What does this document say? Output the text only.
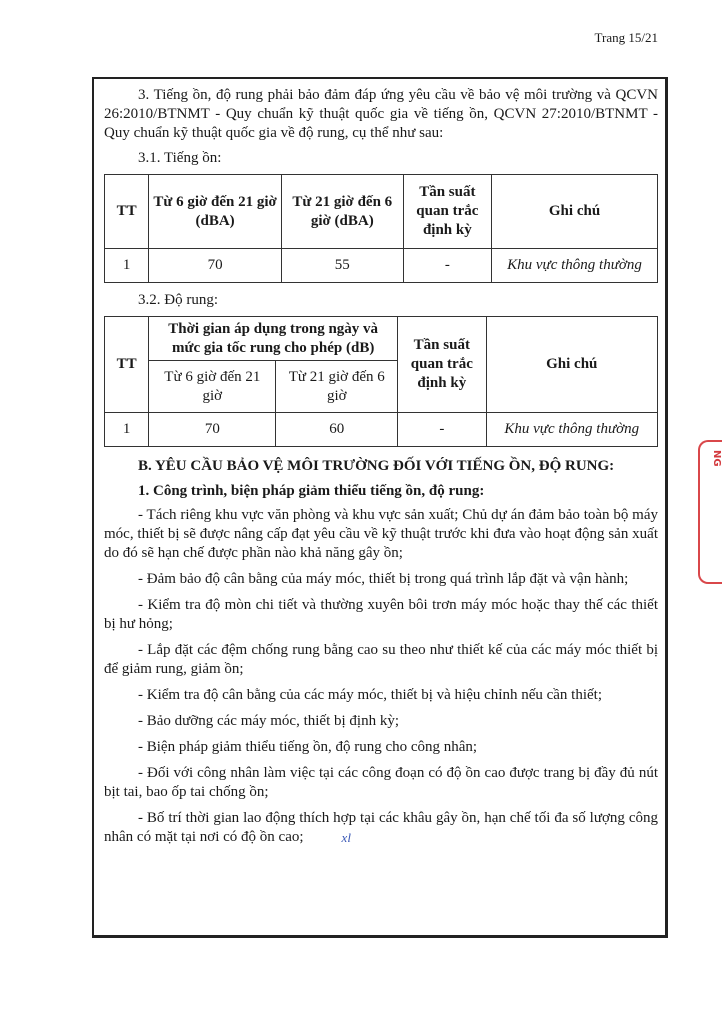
Trang 15/21

3. Tiếng ồn, độ rung phải bảo đảm đáp ứng yêu cầu về bảo vệ môi trường và QCVN 26:2010/BTNMT - Quy chuẩn kỹ thuật quốc gia về tiếng ồn, QCVN 27:2010/BTNMT - Quy chuẩn kỹ thuật quốc gia về độ rung, cụ thể như sau:

3.1. Tiếng ồn:

TT	Từ 6 giờ đến 21 giờ (dBA)	Từ 21 giờ đến 6 giờ (dBA)	Tần suất quan trắc định kỳ	Ghi chú
1	70	55	-	Khu vực thông thường

3.2. Độ rung:

TT	Thời gian áp dụng trong ngày và mức gia tốc rung cho phép (dB)		Tần suất quan trắc định kỳ	Ghi chú
	Từ 6 giờ đến 21 giờ	Từ 21 giờ đến 6 giờ		
1	70	60	-	Khu vực thông thường

B. YÊU CẦU BẢO VỆ MÔI TRƯỜNG ĐỐI VỚI TIẾNG ỒN, ĐỘ RUNG:

1. Công trình, biện pháp giảm thiểu tiếng ồn, độ rung:

- Tách riêng khu vực văn phòng và khu vực sản xuất; Chủ dự án đảm bảo toàn bộ máy móc, thiết bị sẽ được nâng cấp đạt yêu cầu về kỹ thuật trước khi đưa vào hoạt động sản xuất do đó sẽ hạn chế được phần nào khả năng gây ồn;

- Đảm bảo độ cân bằng của máy móc, thiết bị trong quá trình lắp đặt và vận hành;

- Kiểm tra độ mòn chi tiết và thường xuyên bôi trơn máy móc hoặc thay thế các thiết bị hư hỏng;

- Lắp đặt các đệm chống rung bằng cao su theo như thiết kế của các máy móc thiết bị để giảm rung, giảm ồn;

- Kiểm tra độ cân bằng của các máy móc, thiết bị và hiệu chỉnh nếu cần thiết;

- Bảo dưỡng các máy móc, thiết bị định kỳ;

- Biện pháp giảm thiểu tiếng ồn, độ rung cho công nhân;

- Đối với công nhân làm việc tại các công đoạn có độ ồn cao được trang bị đầy đủ nút bịt tai, bao ốp tai chống ồn;

- Bố trí thời gian lao động thích hợp tại các khâu gây ồn, hạn chế tối đa số lượng công nhân có mặt tại nơi có độ ồn cao;	xl

NG
